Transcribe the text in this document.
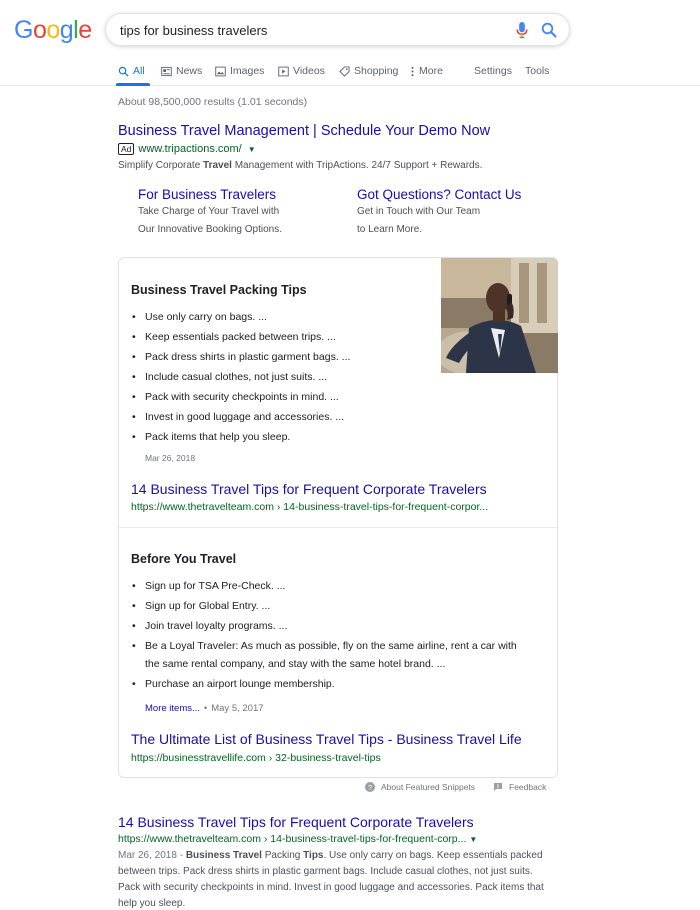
Google tips for business travelers
All	News	Images	Videos	Shopping More	Settings Tools
About 98,500,000 results (1.01 seconds)
Business Travel Management | Schedule Your Demo Now
Ad www.tripactions.com/ ▼
Simplify Corporate Travel Management with TripActions. 24/7 Support + Rewards.
For Business Travelers
Take Charge of Your Travel with
Our Innovative Booking Options.
Got Questions? Contact Us
Get in Touch with Our Team
to Learn More.
Business Travel Packing Tips
• Use only carry on bags. ...
• Keep essentials packed between trips. ...
• Pack dress shirts in plastic garment bags. ...
• Include casual clothes, not just suits. ...
• Pack with security checkpoints in mind. ...
• Invest in good luggage and accessories. ...
• Pack items that help you sleep.
Mar 26, 2018
14 Business Travel Tips for Frequent Corporate Travelers
https://www.thetravelteam.com › 14-business-travel-tips-for-frequent-corpor...
Before You Travel
• Sign up for TSA Pre-Check. ...
• Sign up for Global Entry. ...
• Join travel loyalty programs. ...
• Be a Loyal Traveler: As much as possible, fly on the same airline, rent a car with the same rental company, and stay with the same hotel brand. ...
• Purchase an airport lounge membership.
More items... • May 5, 2017
The Ultimate List of Business Travel Tips - Business Travel Life
https://businesstravellife.com › 32-business-travel-tips
? About Featured Snippets	Feedback
14 Business Travel Tips for Frequent Corporate Travelers
https://www.thetravelteam.com › 14-business-travel-tips-for-frequent-corp... ▼
Mar 26, 2018 - Business Travel Packing Tips. Use only carry on bags. Keep essentials packed between trips. Pack dress shirts in plastic garment bags. Include casual clothes, not just suits. Pack with security checkpoints in mind. Invest in good luggage and accessories. Pack items that help you sleep.
